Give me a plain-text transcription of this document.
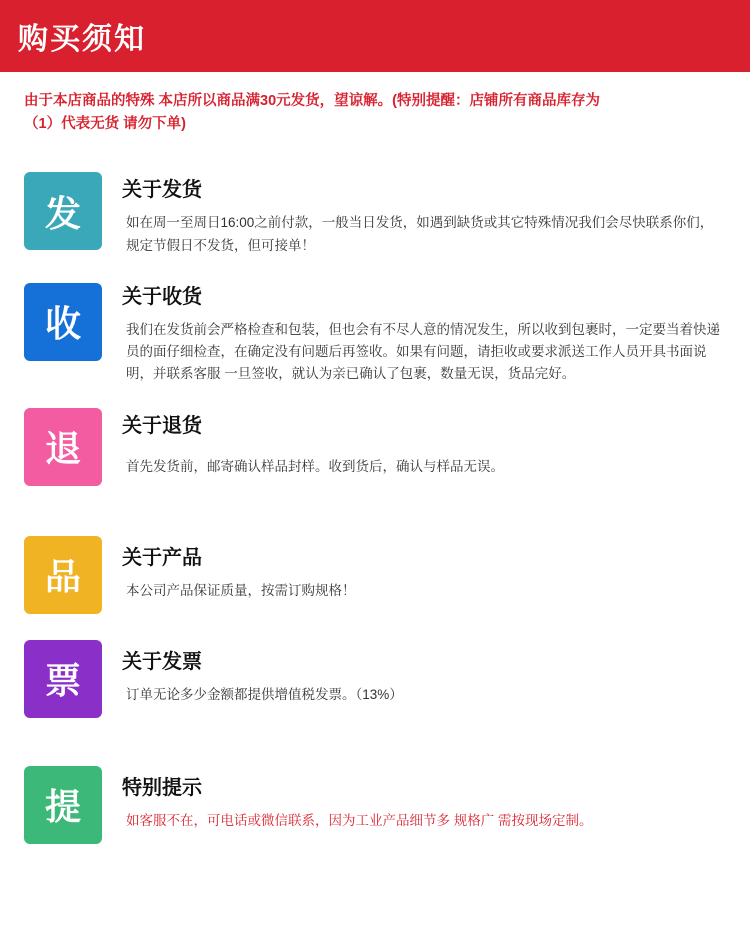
购买须知
由于本店商品的特殊 本店所以商品满30元发货，望谅解。(特别提醒：店铺所有商品库存为（1）代表无货 请勿下单)
发
关于发货
如在周一至周日16:00之前付款，一般当日发货，如遇到缺货或其它特殊情况我们会尽快联系你们，规定节假日不发货，但可接单！
收
关于收货
我们在发货前会严格检查和包装，但也会有不尽人意的情况发生，所以收到包裹时，一定要当着快递员的面仔细检查，在确定没有问题后再签收。如果有问题，请拒收或要求派送工作人员开具书面说明，并联系客服 一旦签收，就认为亲已确认了包裹，数量无误，货品完好。
退
关于退货
首先发货前，邮寄确认样品封样。收到货后，确认与样品无误。
品	关于产品
本公司产品保证质量，按需订购规格！
票	关于发票
订单无论多少金额都提供增值税发票。（13%）
提	特别提示
如客服不在，可电话或微信联系，因为工业产品细节多 规格广 需按现场定制。
